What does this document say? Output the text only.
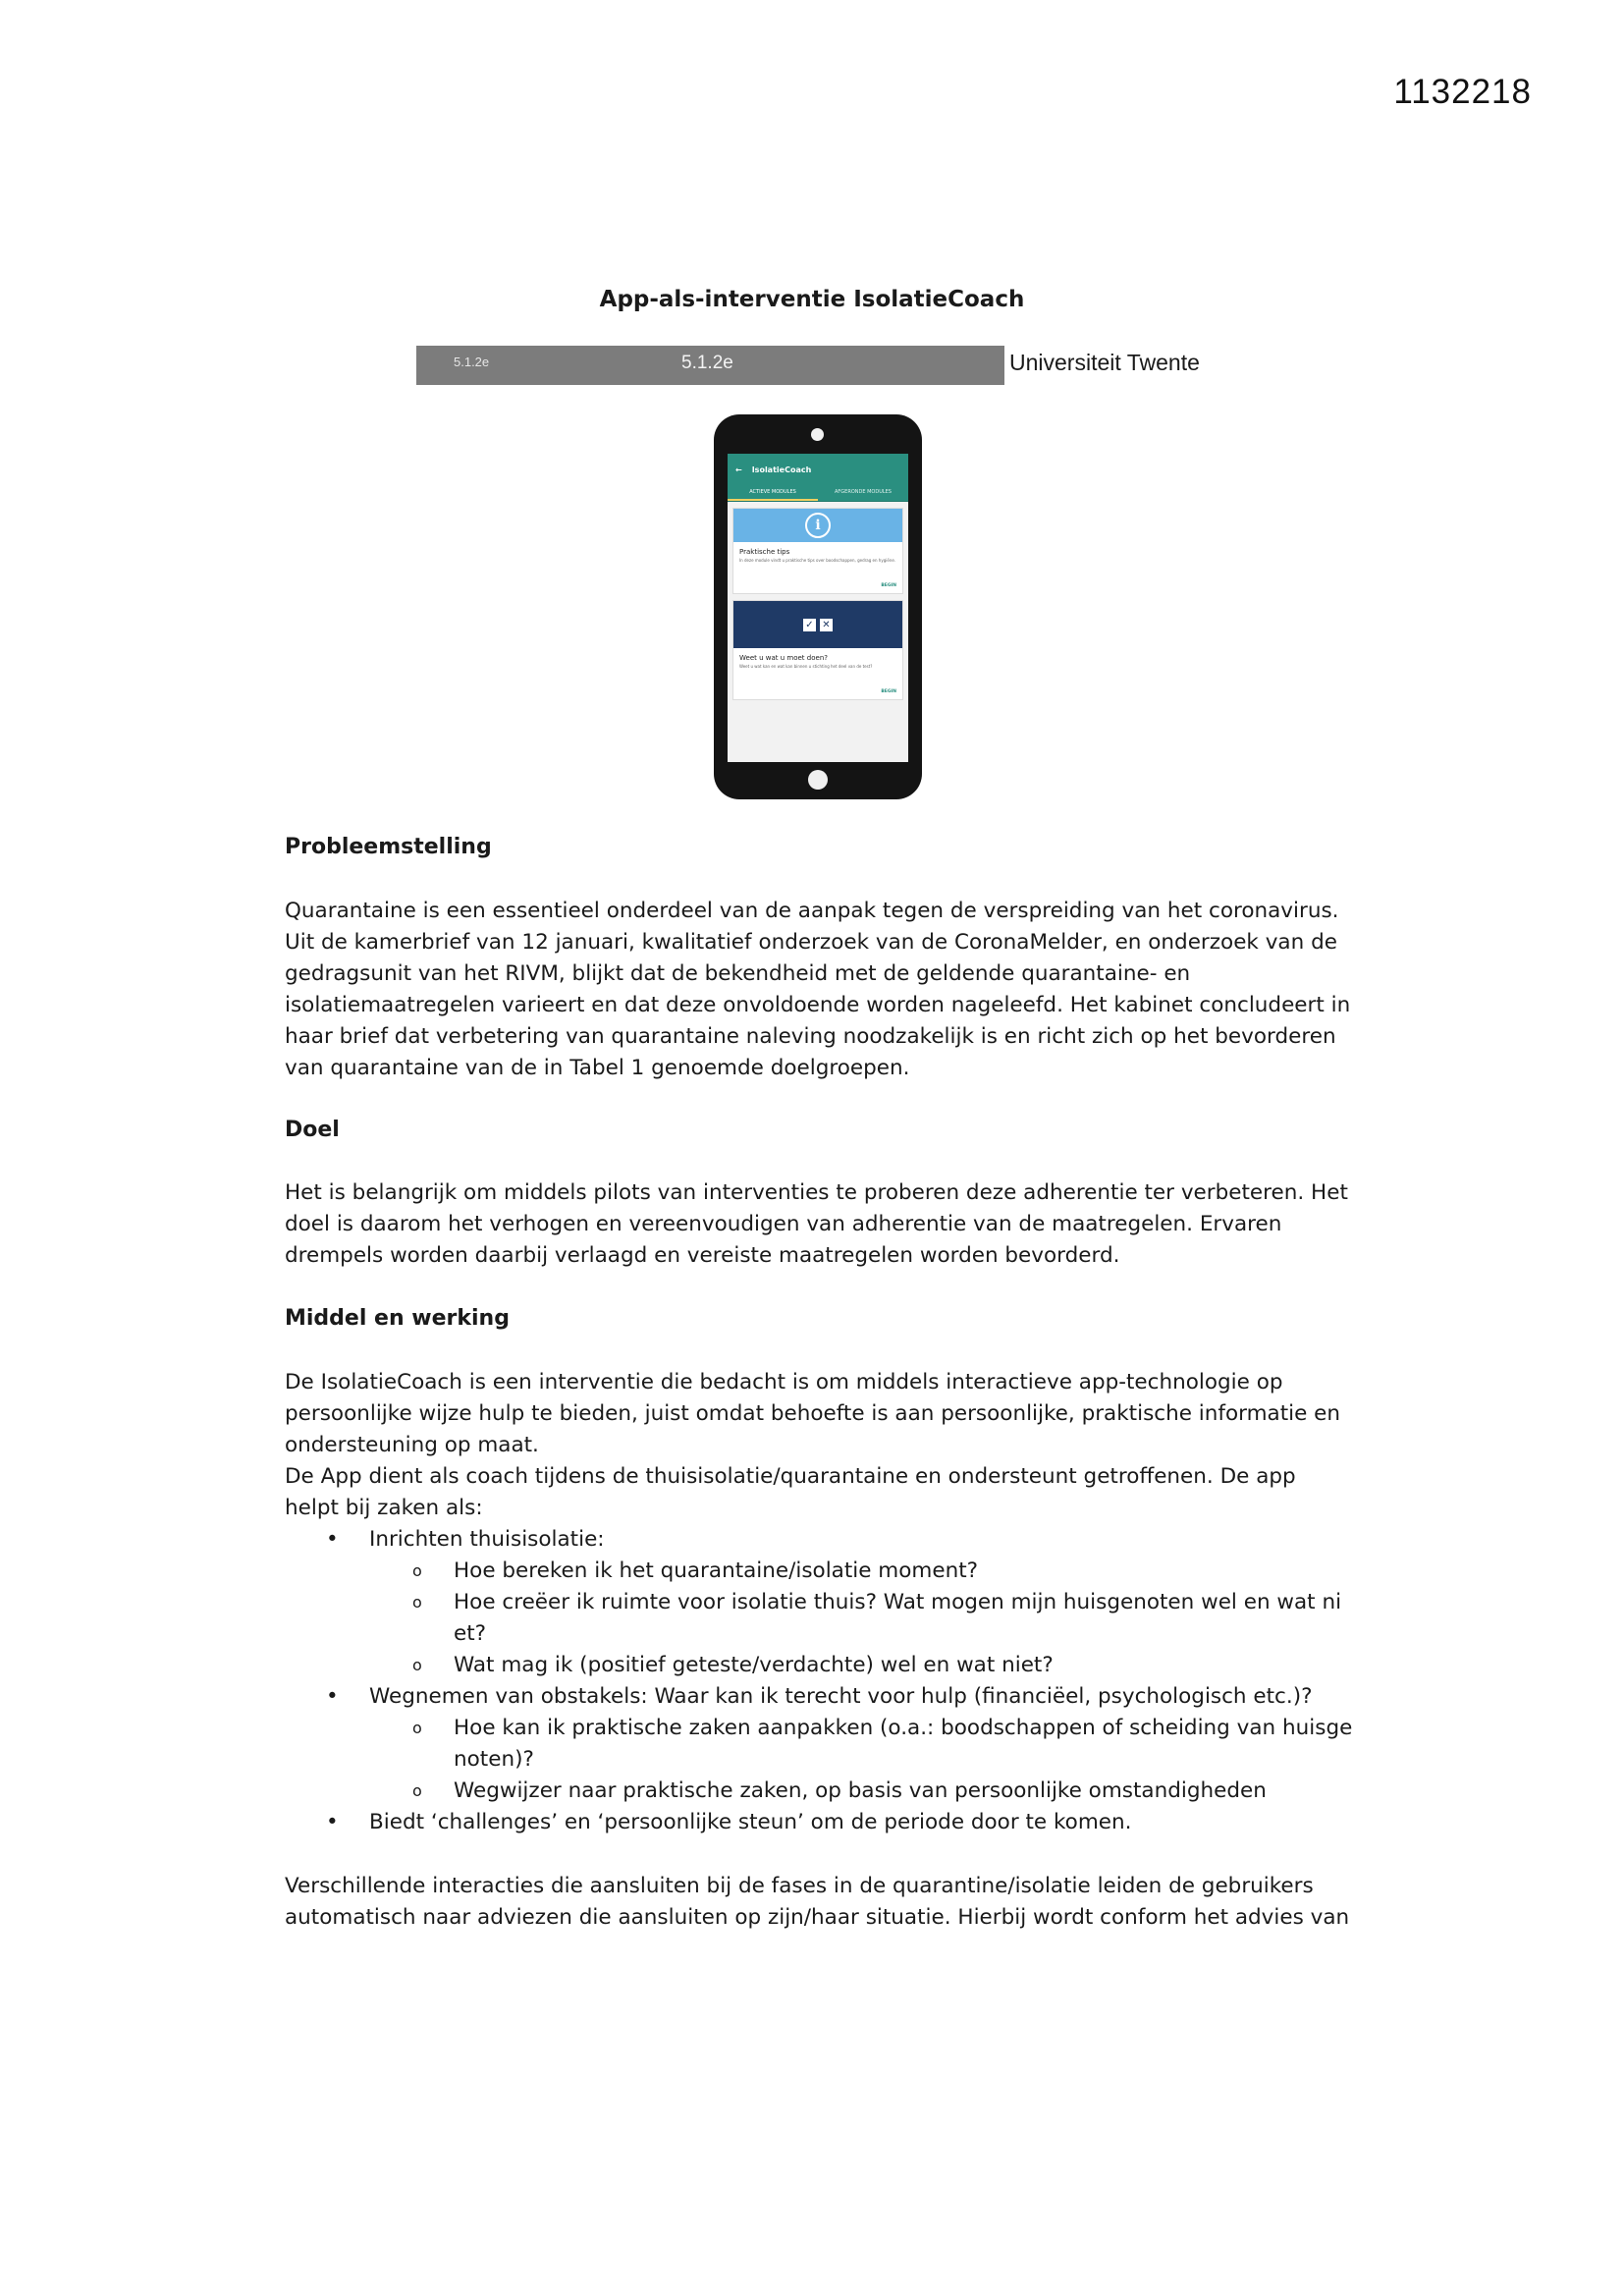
1132218
App-als-interventie IsolatieCoach
5.1.2e	5.1.2e	Universiteit Twente
← IsolatieCoach
ACTIEVE MODULES	AFGERONDE MODULES
i
Praktische tips
In deze module vindt u praktische tips over boodschappen, gedrag en hygiëne.
BEGIN
✓ ✕
Weet u wat u moet doen?
Weet u wat kan en wat kan binnen u stichting het deel van de test?
BEGIN
Probleemstelling
Quarantaine is een essentieel onderdeel van de aanpak tegen de verspreiding van het coronavirus.
Uit de kamerbrief van 12 januari, kwalitatief onderzoek van de CoronaMelder, en onderzoek van de
gedragsunit van het RIVM, blijkt dat de bekendheid met de geldende quarantaine- en
isolatiemaatregelen varieert en dat deze onvoldoende worden nageleefd. Het kabinet concludeert in
haar brief dat verbetering van quarantaine naleving noodzakelijk is en richt zich op het bevorderen
van quarantaine van de in Tabel 1 genoemde doelgroepen.
Doel
Het is belangrijk om middels pilots van interventies te proberen deze adherentie ter verbeteren. Het
doel is daarom het verhogen en vereenvoudigen van adherentie van de maatregelen. Ervaren
drempels worden daarbij verlaagd en vereiste maatregelen worden bevorderd.
Middel en werking
De IsolatieCoach is een interventie die bedacht is om middels interactieve app-technologie op
persoonlijke wijze hulp te bieden, juist omdat behoefte is aan persoonlijke, praktische informatie en
ondersteuning op maat.
De App dient als coach tijdens de thuisisolatie/quarantaine en ondersteunt getroffenen. De app
helpt bij zaken als:
• Inrichten thuisisolatie:
o Hoe bereken ik het quarantaine/isolatie moment?
o Hoe creëer ik ruimte voor isolatie thuis? Wat mogen mijn huisgenoten wel en wat ni
et?
o Wat mag ik (positief geteste/verdachte) wel en wat niet?
• Wegnemen van obstakels: Waar kan ik terecht voor hulp (financiëel, psychologisch etc.)?
o Hoe kan ik praktische zaken aanpakken (o.a.: boodschappen of scheiding van huisge
noten)?
o Wegwijzer naar praktische zaken, op basis van persoonlijke omstandigheden
• Biedt ‘challenges’ en ‘persoonlijke steun’ om de periode door te komen.
Verschillende interacties die aansluiten bij de fases in de quarantine/isolatie leiden de gebruikers
automatisch naar adviezen die aansluiten op zijn/haar situatie. Hierbij wordt conform het advies van
